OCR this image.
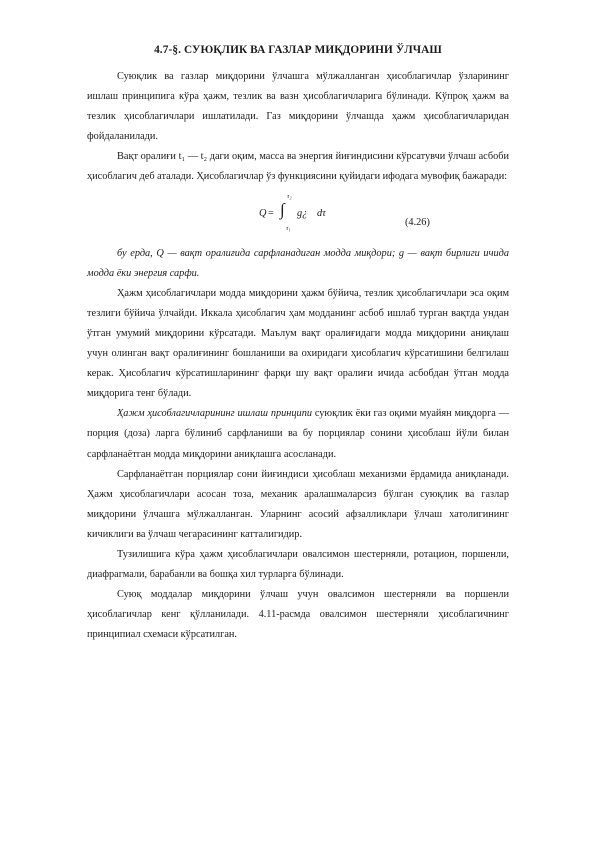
4.7-§. СУЮҚЛИК ВА ГАЗЛАР МИҚДОРИНИ ЎЛЧАШ

Суюқлик ва газлар миқдорини ўлчашга мўлжалланган ҳисоблагичлар ўзларининг ишлаш принципига кўра ҳажм, тезлик ва вазн ҳисоблагичларига бўлинади. Кўпроқ ҳажм ва тезлик ҳисоблагичлари ишлатилади. Газ миқдорини ўлчашда ҳажм ҳисоблагичларидан фойдаланилади.

Вақт оралиғи t₁ — t₂ даги оқим, масса ва энергия йиғиндисини кўрсатувчи ўлчаш асбоби ҳисоблагич деб аталади. Ҳисоблагичлар ўз функциясини қуйидаги ифодага мувофиқ бажаради:

Q = ∫
τ₂
τ₁
g¿ dτ
(4.26)

бу ерда, Q — вақт оралиғида сарфланадиган модда миқдори; g — вақт бирлиги ичида модда ёки энергия сарфи.

Ҳажм ҳисоблагичлари модда миқдорини ҳажм бўйича, тезлик ҳисоблагичлари эса оқим тезлиги бўйича ўлчайди. Иккала ҳисоблагич ҳам модданинг асбоб ишлаб турган вақтда ундан ўтган умумий миқдорини кўрсатади. Маълум вақт оралиғидаги модда миқдорини аниқлаш учун олинган вақт оралиғининг бошланиши ва охиридаги ҳисоблагич кўрсатишини белгилаш керак. Ҳисоблагич кўрсатишларининг фарқи шу вақт оралиғи ичида асбобдан ўтган модда миқдорига тенг бўлади.

Ҳажм ҳисоблагичларининг ишлаш принципи суюқлик ёки газ оқими муайян миқдорга — порция (доза) ларга бўлиниб сарфланиши ва бу порциялар сонини ҳисоблаш йўли билан сарфланаётган модда миқдорини аниқлашга асосланади.

Сарфланаётган порциялар сони йиғиндиси ҳисоблаш механизми ёрдамида аниқланади. Ҳажм ҳисоблагичлари асосан тоза, механик аралашмаларсиз бўлган суюқлик ва газлар миқдорини ўлчашга мўлжалланган. Уларнинг асосий афзалликлари ўлчаш хатолигининг кичиклиги ва ўлчаш чегарасининг катталигидир.

Тузилишига кўра ҳажм ҳисоблагичлари овалсимон шестерняли, ротацион, поршенли, диафрагмали, барабанли ва бошқа хил турларга бўлинади.

Суюқ моддалар миқдорини ўлчаш учун овалсимон шестерняли ва поршенли ҳисоблагичлар кенг қўлланилади. 4.11-расмда овалсимон шестерняли ҳисоблагичнинг принципиал схемаси кўрсатилган.
